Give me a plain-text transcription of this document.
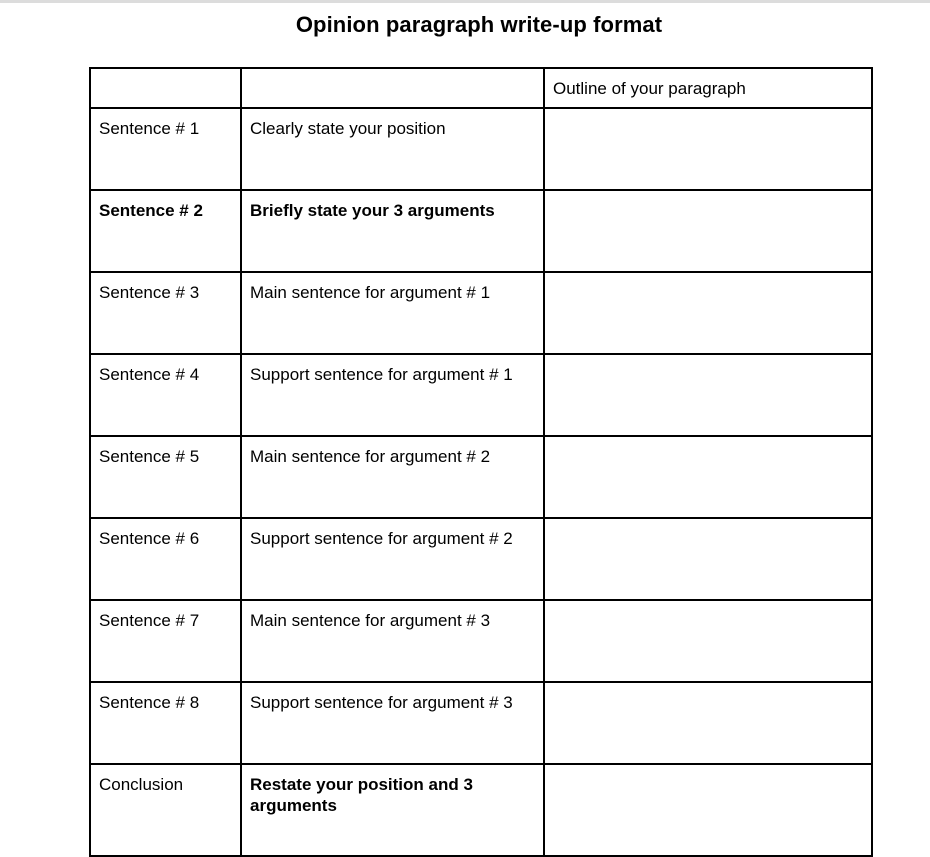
Opinion paragraph write-up format

		Outline of your paragraph

Sentence # 1	Clearly state your position	

Sentence # 2	Briefly state your 3 arguments	

Sentence # 3	Main sentence for argument # 1	

Sentence # 4	Support sentence for argument # 1	

Sentence # 5	Main sentence for argument # 2	

Sentence # 6	Support sentence for argument # 2	

Sentence # 7	Main sentence for argument # 3	

Sentence # 8	Support sentence for argument # 3	

Conclusion	Restate your position and 3 arguments	
